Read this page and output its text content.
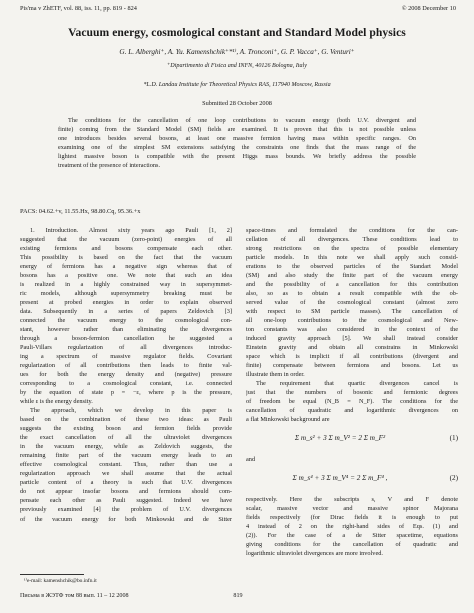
Pis'ma v ZhETF, vol. 88, iss. 11, pp. 819 - 824	© 2008 December 10
Vacuum energy, cosmological constant and Standard Model physics
G. L. Alberghi⁺, A. Yu. Kamenshchik⁺*¹⁾, A. Tronconi⁺, G. P. Vacca⁺, G. Venturi⁺
⁺Dipartimento di Fisica and INFN, 40126 Bologna, Italy
*L.D. Landau Institute for Theoretical Physics RAS, 117940 Moscow, Russia
Submitted 28 October 2008
The conditions for the cancellation of one loop contributions to vacuum energy (both U.V. divergent and
finite) coming from the Standard Model (SM) fields are examined. It is proven that this is not possible unless
one introduces besides several bosons, at least one massive fermion having mass within specific ranges. On
examining one of the simplest SM extensions satisfying the constraints one finds that the mass range of the
lightest massive boson is compatible with the present Higgs mass bounds. We briefly address the possible
treatment of the presence of interactions.
PACS: 04.62.+v, 11.55.Hx, 98.80.Cq, 95.36.+x
1. Introduction. Almost sixty years ago Pauli [1, 2]
suggested that the vacuum (zero-point) energies of all
existing fermions and bosons compensate each other.
This possibility is based on the fact that the vacuum
energy of fermions has a negative sign whereas that of
bosons has a positive one. We note that such an idea
is realized in a highly constrained way in supersymmet-
ric models, although supersymmetry breaking must be
present at probed energies in order to explain observed
data. Subsequently in a series of papers Zeldovich [3]
connected the vacuum energy to the cosmological con-
stant, however rather than eliminating the divergences
through a boson-fermion cancellation he suggested a
Pauli-Villars regularization of all divergences introduc-
ing a spectrum of massive regulator fields. Covariant
regularization of all contributions then leads to finite val-
ues for both the energy density and (negative) pressure
corresponding to a cosmological constant, i.e. connected
by the equation of state p = −ε, where p is the pressure,
while ε is the energy density.
The approach, which we develop in this paper is
based on the combination of these two ideas: as Pauli
suggests the existing boson and fermion fields provide
the exact cancellation of all the ultraviolet divergences
in the vacuum energy, while as Zeldovich suggests, the
remaining finite part of the vacuum energy leads to an
effective cosmological constant. Thus, rather than use a
regularization approach we shall assume that the actual
particle content of a theory is such that U.V. divergences
do not appear insofar bosons and fermions should com-
pensate each other as Pauli suggested. Indeed we have
previously examined [4] the problem of U.V. divergences
of the vacuum energy for both Minkowski and de Sitter
space-times and formulated the conditions for the can-
cellation of all divergences. These conditions lead to
strong restrictions on the spectra of possible elementary
particle models. In this note we shall apply such consid-
erations to the observed particles of the Standart Model
(SM) and also study the finite part of the vacuum energy
and the possibility of a cancellation for this contribution
also, so as to obtain a result compatible with the ob-
served value of the cosmological constant (almost zero
with respect to SM particle masses). The cancellation of
all one-loop contributions to the cosmological and New-
ton constants was also considered in the context of the
induced gravity approach [5]. We shall instead consider
Einstein gravity and obtain all constrains in Minkowski
space which is implicit if all contributions (divergent and
finite) compensate between fermions and bosons. Let us
illustrate them in order.
The requirement that quartic divergences cancel is
just that the numbers of bosonic and fermionic degrees
of freedom be equal (N_B = N_F). The conditions for the
cancellation of quadratic and logarithmic divergences on
a flat Minkowski background are
Σ m_s² + 3 Σ m_V² = 2 Σ m_F²	(1)
and
Σ m_s⁴ + 3 Σ m_V⁴ = 2 Σ m_F⁴ ,	(2)
respectively. Here the subscripts s, V and F denote
scalar, massive vector and massive spinor Majorana
fields respectively (for Dirac fields it is enough to put
4 instead of 2 on the right-hand sides of Eqs. (1) and
(2)). For the case of a de Sitter spacetime, equations
giving conditions for the cancellation of quadratic and
logarithmic ultraviolet divergences are more involved.
¹⁾e-mail: kamenshchik@bo.infn.it
Письма в ЖЭТФ том 88 вып. 11 – 12 2008	819
